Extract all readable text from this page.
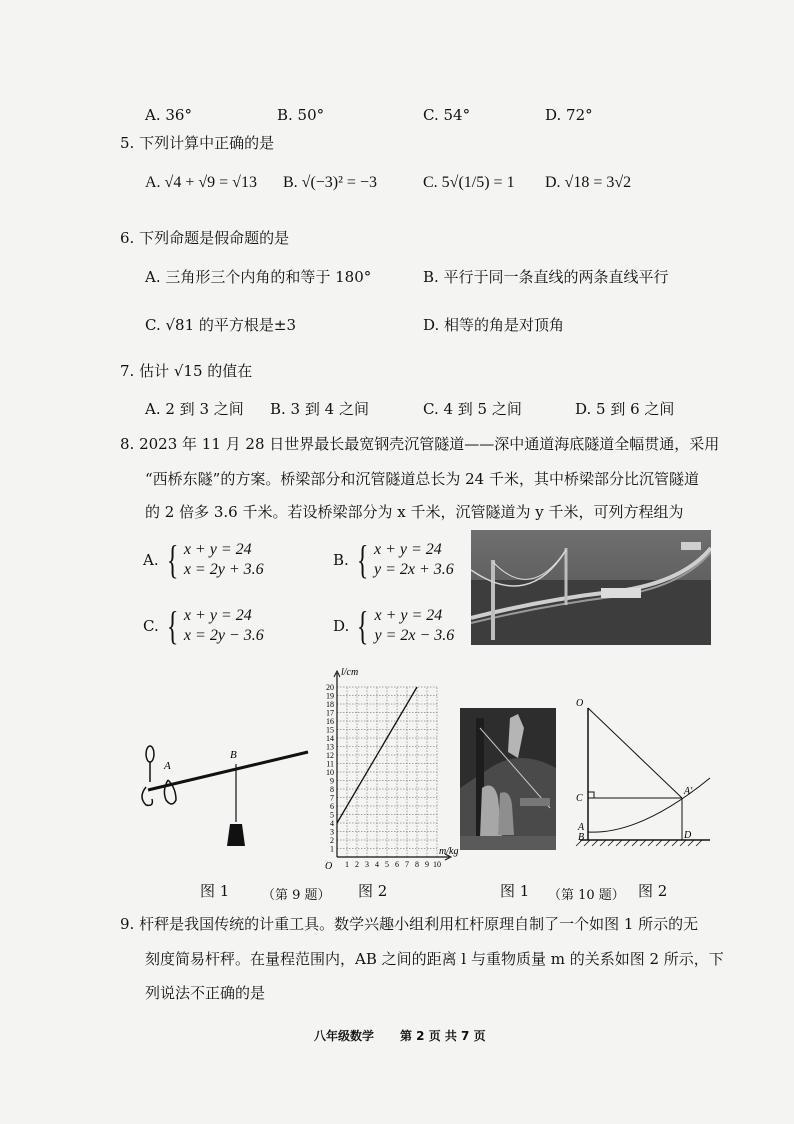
A. 36°	B. 50°	C. 54°	D. 72°
5. 下列计算中正确的是
A. √4 + √9 = √13 B. √(−3)² = −3	C. 5√(1/5) = 1 D. √18 = 3√2
6. 下列命题是假命题的是
A. 三角形三个内角的和等于 180°	B. 平行于同一条直线的两条直线平行
C. √81 的平方根是±3	D. 相等的角是对顶角
7. 估计 √15 的值在
A. 2 到 3 之间 B. 3 到 4 之间	C. 4 到 5 之间	D. 5 到 6 之间
8. 2023 年 11 月 28 日世界最长最宽钢壳沉管隧道——深中通道海底隧道全幅贯通，采用
“西桥东隧”的方案。桥梁部分和沉管隧道总长为 24 千米，其中桥梁部分比沉管隧道
的 2 倍多 3.6 千米。若设桥梁部分为 x 千米，沉管隧道为 y 千米，可列方程组为
A. { x + y = 24
x = 2y + 3.6
B. { x + y = 24
y = 2x + 3.6
C. { x + y = 24
x = 2y − 3.6
D. { x + y = 24
y = 2x − 3.6
A
B
1
2
3
4
5
6
7
8
9
10
11
12
13
14
15
16
17
18
19
20
1 2 3 4 5 6 7 8 9 10
l/cm
m/kg
O
O
C
A'
A
B	D
图 1	（第 9 题） 图 2	图 1 （第 10 题） 图 2
9. 杆秤是我国传统的计重工具。数学兴趣小组利用杠杆原理自制了一个如图 1 所示的无
刻度简易杆秤。在量程范围内，AB 之间的距离 l 与重物质量 m 的关系如图 2 所示，下
列说法不正确的是
八年级数学 第 2 页 共 7 页
